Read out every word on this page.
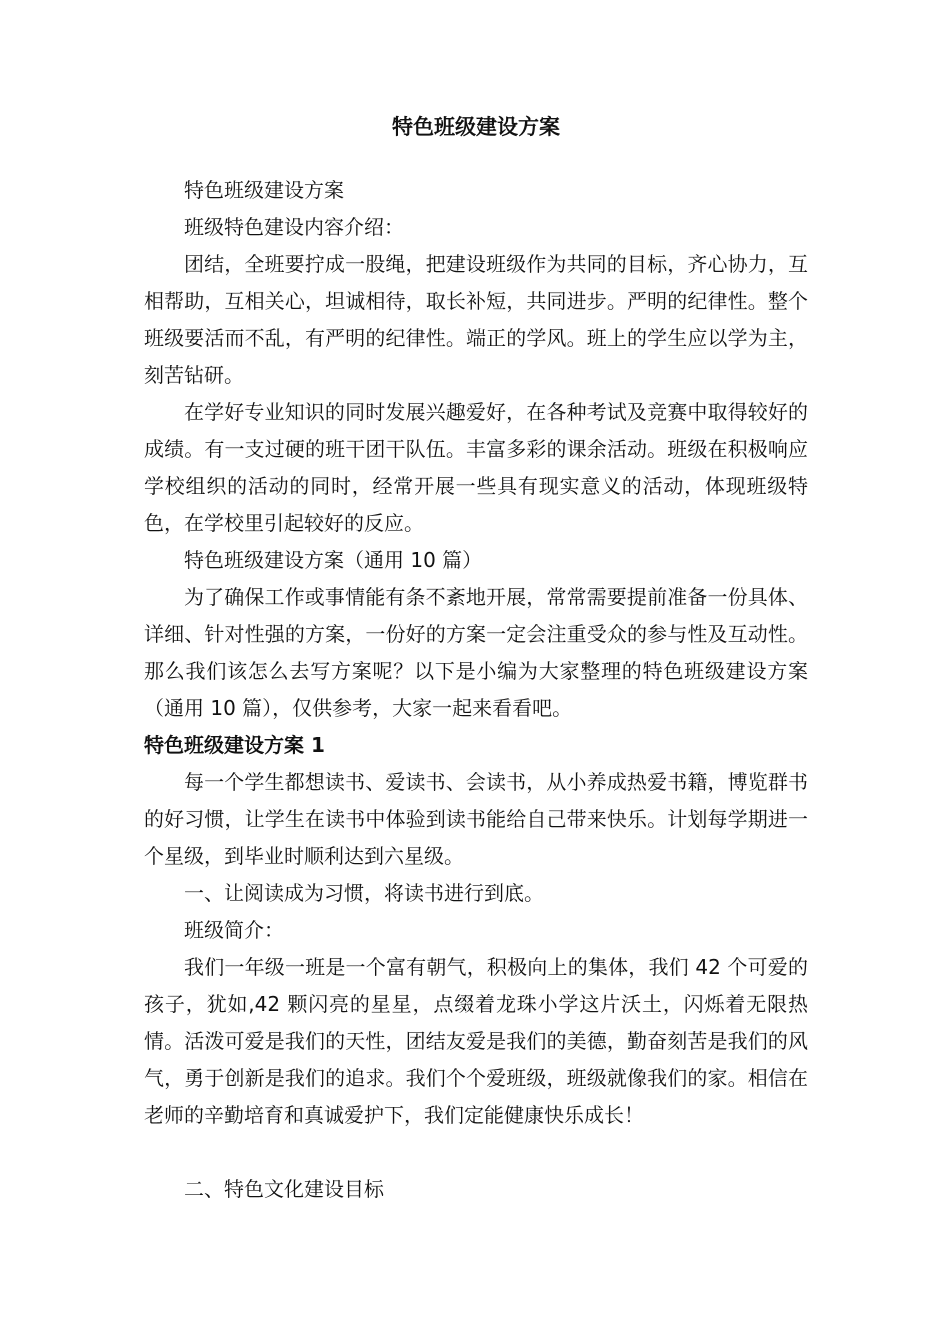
特色班级建设方案

特色班级建设方案

班级特色建设内容介绍：

团结，全班要拧成一股绳，把建设班级作为共同的目标，齐心协力，互相帮助，互相关心，坦诚相待，取长补短，共同进步。严明的纪律性。整个班级要活而不乱，有严明的纪律性。端正的学风。班上的学生应以学为主，刻苦钻研。

在学好专业知识的同时发展兴趣爱好，在各种考试及竞赛中取得较好的成绩。有一支过硬的班干团干队伍。丰富多彩的课余活动。班级在积极响应学校组织的活动的同时，经常开展一些具有现实意义的活动，体现班级特色，在学校里引起较好的反应。

特色班级建设方案（通用 10 篇）

为了确保工作或事情能有条不紊地开展，常常需要提前准备一份具体、详细、针对性强的方案，一份好的方案一定会注重受众的参与性及互动性。那么我们该怎么去写方案呢？以下是小编为大家整理的特色班级建设方案（通用 10 篇），仅供参考，大家一起来看看吧。

特色班级建设方案 1

每一个学生都想读书、爱读书、会读书，从小养成热爱书籍，博览群书的好习惯，让学生在读书中体验到读书能给自己带来快乐。计划每学期进一个星级，到毕业时顺利达到六星级。

一、让阅读成为习惯，将读书进行到底。

班级简介：

我们一年级一班是一个富有朝气，积极向上的集体，我们 42 个可爱的孩子，犹如,42 颗闪亮的星星，点缀着龙珠小学这片沃土，闪烁着无限热情。活泼可爱是我们的天性，团结友爱是我们的美德，勤奋刻苦是我们的风气，勇于创新是我们的追求。我们个个爱班级，班级就像我们的家。相信在老师的辛勤培育和真诚爱护下，我们定能健康快乐成长！

二、特色文化建设目标
